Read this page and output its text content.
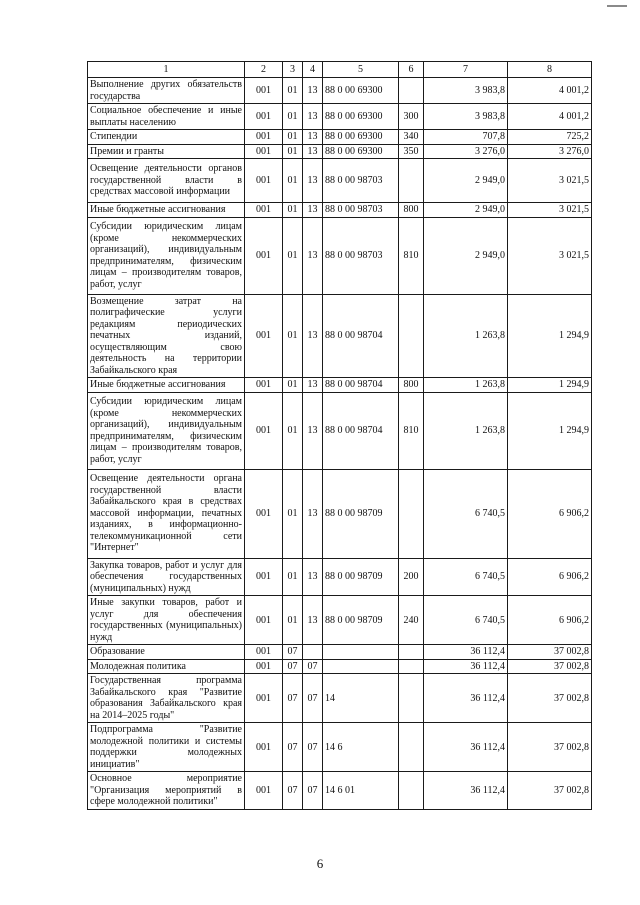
1	2	3	4	5	6	7	8
Выполнение других обязательств государства	001	01	13	88 0 00 69300		3 983,8	4 001,2
Социальное обеспечение и иные выплаты населению	001	01	13	88 0 00 69300	300	3 983,8	4 001,2
Стипендии	001	01	13	88 0 00 69300	340	707,8	725,2
Премии и гранты	001	01	13	88 0 00 69300	350	3 276,0	3 276,0
Освещение деятельности органов государственной власти в средствах массовой информации	001	01	13	88 0 00 98703		2 949,0	3 021,5
Иные бюджетные ассигнования	001	01	13	88 0 00 98703	800	2 949,0	3 021,5
Субсидии юридическим лицам (кроме некоммерческих организаций), индивидуальным предпринимателям, физическим лицам – производителям товаров, работ, услуг	001	01	13	88 0 00 98703	810	2 949,0	3 021,5
Возмещение затрат на полиграфические услуги редакциям периодических печатных изданий, осуществляющим свою деятельность на территории Забайкальского края	001	01	13	88 0 00 98704		1 263,8	1 294,9
Иные бюджетные ассигнования	001	01	13	88 0 00 98704	800	1 263,8	1 294,9
Субсидии юридическим лицам (кроме некоммерческих организаций), индивидуальным предпринимателям, физическим лицам – производителям товаров, работ, услуг	001	01	13	88 0 00 98704	810	1 263,8	1 294,9
Освещение деятельности органа государственной власти Забайкальского края в средствах массовой информации, печатных изданиях, в информационно-телекоммуникационной сети "Интернет"	001	01	13	88 0 00 98709		6 740,5	6 906,2
Закупка товаров, работ и услуг для обеспечения государственных (муниципальных) нужд	001	01	13	88 0 00 98709	200	6 740,5	6 906,2
Иные закупки товаров, работ и услуг для обеспечения государственных (муниципальных) нужд	001	01	13	88 0 00 98709	240	6 740,5	6 906,2
Образование	001	07				36 112,4	37 002,8
Молодежная политика	001	07	07			36 112,4	37 002,8
Государственная программа Забайкальского края "Развитие образования Забайкальского края на 2014–2025 годы"	001	07	07	14		36 112,4	37 002,8
Подпрограмма "Развитие молодежной политики и системы поддержки молодежных инициатив"	001	07	07	14 6		36 112,4	37 002,8
Основное мероприятие "Организация мероприятий в сфере молодежной политики"	001	07	07	14 6 01		36 112,4	37 002,8
6
